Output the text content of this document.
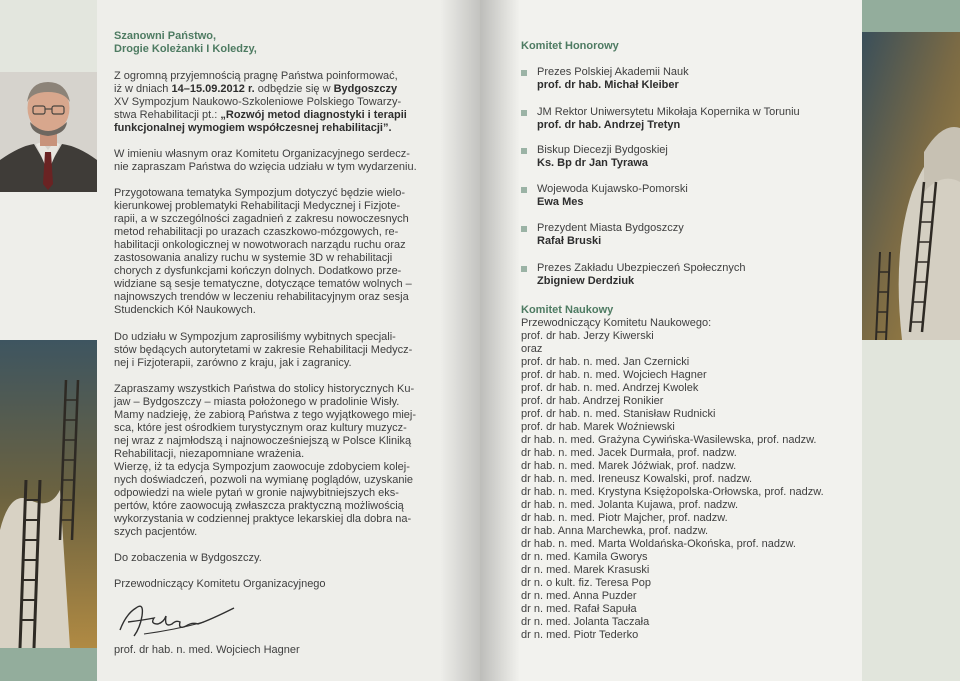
Szanowni Państwo,
Drogie Koleżanki I Koledzy,
Z ogromną przyjemnością pragnę Państwa poinformować,
iż w dniach 14–15.09.2012 r. odbędzie się w Bydgoszczy
XV Sympozjum Naukowo-Szkoleniowe Polskiego Towarzy-
stwa Rehabilitacji pt.: „Rozwój metod diagnostyki i terapii
funkcjonalnej wymogiem współczesnej rehabilitacji”.
W imieniu własnym oraz Komitetu Organizacyjnego serdecz-
nie zapraszam Państwa do wzięcia udziału w tym wydarzeniu.
Przygotowana tematyka Sympozjum dotyczyć będzie wielo-
kierunkowej problematyki Rehabilitacji Medycznej i Fizjote-
rapii, a w szczególności zagadnień z zakresu nowoczesnych
metod rehabilitacji po urazach czaszkowo-mózgowych, re-
habilitacji onkologicznej w nowotworach narządu ruchu oraz
zastosowania analizy ruchu w systemie 3D w rehabilitacji
chorych z dysfunkcjami kończyn dolnych. Dodatkowo prze-
widziane są sesje tematyczne, dotyczące tematów wolnych –
najnowszych trendów w leczeniu rehabilitacyjnym oraz sesja
Studenckich Kół Naukowych.
Do udziału w Sympozjum zaprosiliśmy wybitnych specjali-
stów będących autorytetami w zakresie Rehabilitacji Medycz-
nej i Fizjoterapii, zarówno z kraju, jak i zagranicy.
Zapraszamy wszystkich Państwa do stolicy historycznych Ku-
jaw – Bydgoszczy – miasta położonego w pradolinie Wisły.
Mamy nadzieję, że zabiorą Państwa z tego wyjątkowego miej-
sca, które jest ośrodkiem turystycznym oraz kultury muzycz-
nej wraz z najmłodszą i najnowocześniejszą w Polsce Kliniką
Rehabilitacji, niezapomniane wrażenia.
Wierzę, iż ta edycja Sympozjum zaowocuje zdobyciem kolej-
nych doświadczeń, pozwoli na wymianę poglądów, uzyskanie
odpowiedzi na wiele pytań w gronie najwybitniejszych eks-
pertów, które zaowocują zwłaszcza praktyczną możliwością
wykorzystania w codziennej praktyce lekarskiej dla dobra na-
szych pacjentów.
Do zobaczenia w Bydgoszczy.
Przewodniczący Komitetu Organizacyjnego
prof. dr hab. n. med. Wojciech Hagner
Komitet Honorowy
Prezes Polskiej Akademii Nauk
prof. dr hab. Michał Kleiber
JM Rektor Uniwersytetu Mikołaja Kopernika w Toruniu
prof. dr hab. Andrzej Tretyn
Biskup Diecezji Bydgoskiej
Ks. Bp dr Jan Tyrawa
Wojewoda Kujawsko-Pomorski
Ewa Mes
Prezydent Miasta Bydgoszczy
Rafał Bruski
Prezes Zakładu Ubezpieczeń Społecznych
Zbigniew Derdziuk
Komitet Naukowy
Przewodniczący Komitetu Naukowego:
prof. dr hab. Jerzy Kiwerski
oraz
prof. dr hab. n. med. Jan Czernicki
prof. dr hab. n. med. Wojciech Hagner
prof. dr hab. n. med. Andrzej Kwolek
prof. dr hab. Andrzej Ronikier
prof. dr hab. n. med. Stanisław Rudnicki
prof. dr hab. Marek Woźniewski
dr hab. n. med. Grażyna Cywińska-Wasilewska, prof. nadzw.
dr hab. n. med. Jacek Durmała, prof. nadzw.
dr hab. n. med. Marek Jóźwiak, prof. nadzw.
dr hab. n. med. Ireneusz Kowalski, prof. nadzw.
dr hab. n. med. Krystyna Księżopolska-Orłowska, prof. nadzw.
dr hab. n. med. Jolanta Kujawa, prof. nadzw.
dr hab. n. med. Piotr Majcher, prof. nadzw.
dr hab. Anna Marchewka, prof. nadzw.
dr hab. n. med. Marta Woldańska-Okońska, prof. nadzw.
dr n. med. Kamila Gworys
dr n. med. Marek Krasuski
dr n. o kult. fiz. Teresa Pop
dr n. med. Anna Puzder
dr n. med. Rafał Sapuła
dr n. med. Jolanta Taczała
dr n. med. Piotr Tederko
